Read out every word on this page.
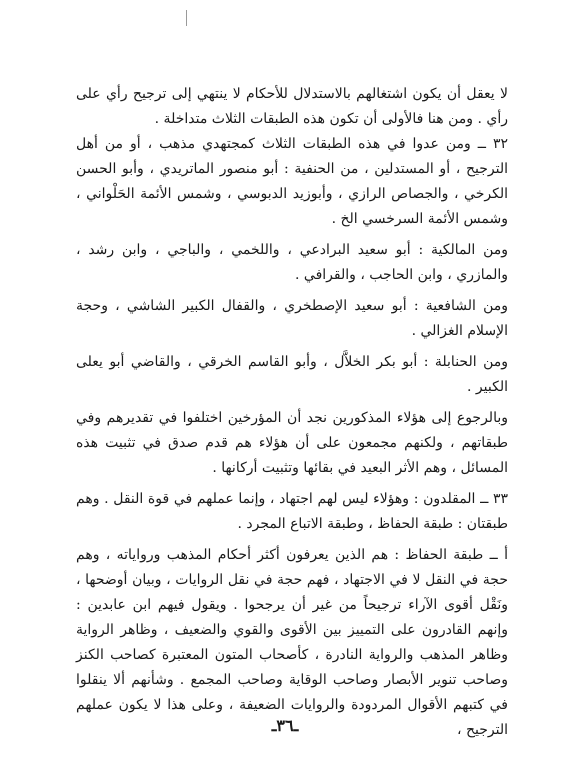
لا يعقل أن يكون اشتغالهم بالاستدلال للأحكام لا ينتهي إلى ترجيح رأي على رأي . ومن هنا فالأولى أن تكون هذه الطبقات الثلاث متداخلة .

٣٢ ــ ومن عدوا في هذه الطبقات الثلاث كمجتهدي مذهب ، أو من أهل الترجيح ، أو المستدلين ، من الحنفية : أبو منصور الماتريدي ، وأبو الحسن الكرخي ، والجصاص الرازي ، وأبوزيد الدبوسي ، وشمس الأئمة الحَلْواني ، وشمس الأئمة السرخسي الخ .

ومن المالكية : أبو سعيد البرادعي ، واللخمي ، والباجي ، وابن رشد ، والمازري ، وابن الحاجب ، والقرافي .

ومن الشافعية : أبو سعيد الإصطخري ، والقفال الكبير الشاشي ، وحجة الإسلام الغزالي .

ومن الحنابلة : أبو بكر الخلاَّل ، وأبو القاسم الخرقي ، والقاضي أبو يعلى الكبير .

وبالرجوع إلى هؤلاء المذكورين نجد أن المؤرخين اختلفوا في تقديرهم وفي طبقاتهم ، ولكنهم مجمعون على أن هؤلاء هم قدم صدق في تثبيت هذه المسائل ، وهم الأثر البعيد في بقائها وتثبيت أركانها .

٣٣ ــ المقلدون : وهؤلاء ليس لهم اجتهاد ، وإنما عملهم في قوة النقل . وهم طبقتان : طبقة الحفاظ ، وطبقة الاتباع المجرد .

أ ــ طبقة الحفاظ : هم الذين يعرفون أكثر أحكام المذهب ورواياته ، وهم حجة في النقل لا في الاجتهاد ، فهم حجة في نقل الروايات ، وبيان أوضحها ، ونَقْل أقوى الآراء ترجيحاً من غير أن يرجحوا . ويقول فيهم ابن عابدين : وإنهم القادرون على التمييز بين الأقوى والقوي والضعيف ، وظاهر الرواية وظاهر المذهب والرواية النادرة ، كأصحاب المتون المعتبرة كصاحب الكنز وصاحب تنوير الأبصار وصاحب الوقاية وصاحب المجمع . وشأنهم ألا ينقلوا في كتبهم الأقوال المردودة والروايات الضعيفة ، وعلى هذا لا يكون عملهم الترجيح ،

ـ٣٦ـ
